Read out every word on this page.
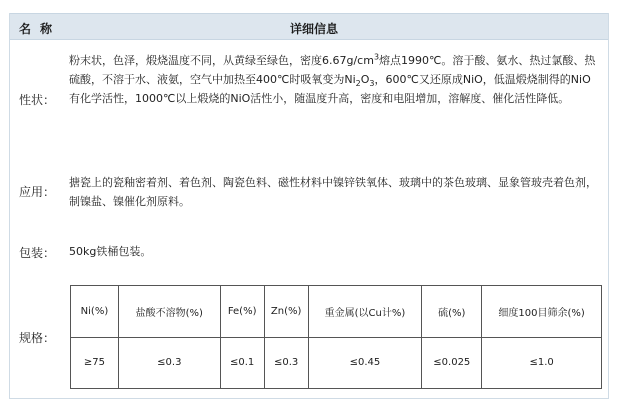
名称	详细信息
性状：
粉末状，色泽，煅烧温度不同，从黄绿至绿色，密度$6.67g/cm^3$熔点1990℃。溶于酸、氨水、热过氯酸、热硫酸，不溶于水、液氨，空气中加热至400℃时吸氧变为$Ni_2O_3$，600℃又还原成NiO，低温煅烧制得的NiO有化学活性，1000℃以上煅烧的NiO活性小，随温度升高，密度和电阻增加，溶解度、催化活性降低。
应用：
搪瓷上的瓷釉密着剂、着色剂、陶瓷色料、磁性材料中镍锌铁氧体、玻璃中的茶色玻璃、显象管玻壳着色剂，制镍盐、镍催化剂原料。
包装： 50kg铁桶包装。
规格：
Ni(%)	盐酸不溶物(%)	Fe(%)	Zn(%)	重金属(以Cu计%)	硫(%)	细度100目筛余(%)
≥75	≤0.3	≤0.1	≤0.3	≤0.45	≤0.025	≤1.0
